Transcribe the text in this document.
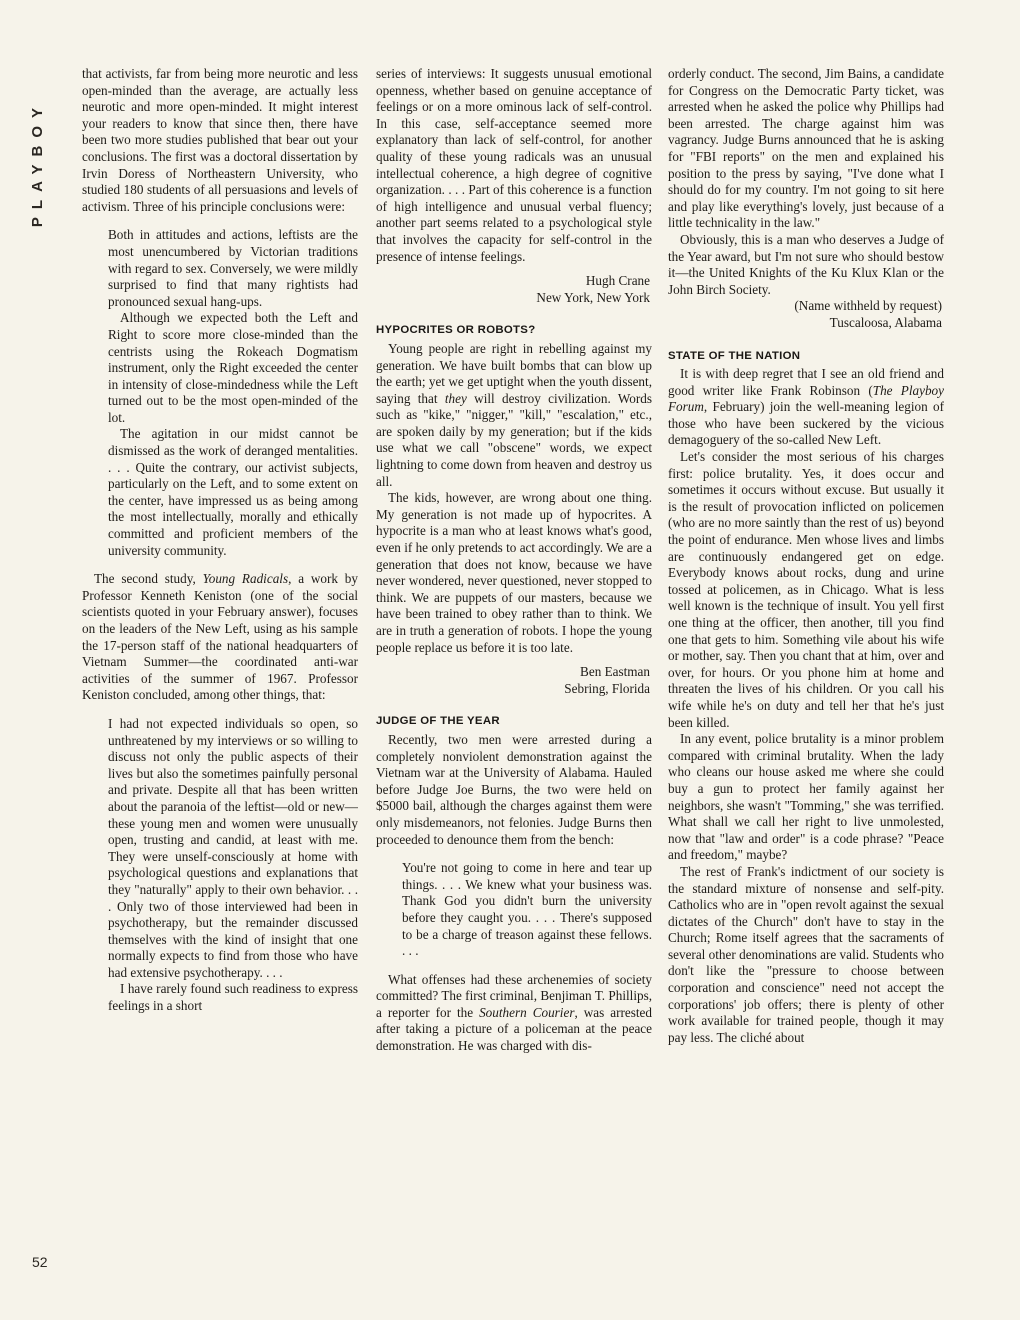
PLAYBOY
52

that activists, far from being more neurotic and less open-minded than the average, are actually less neurotic and more open-minded. It might interest your readers to know that since then, there have been two more studies published that bear out your conclusions. The first was a doctoral dissertation by Irvin Doress of Northeastern University, who studied 180 students of all persuasions and levels of activism. Three of his principle conclusions were:

Both in attitudes and actions, leftists are the most unencumbered by Victorian traditions with regard to sex. Conversely, we were mildly surprised to find that many rightists had pronounced sexual hang-ups.

Although we expected both the Left and Right to score more close-minded than the centrists using the Rokeach Dogmatism instrument, only the Right exceeded the center in intensity of close-mindedness while the Left turned out to be the most open-minded of the lot.

The agitation in our midst cannot be dismissed as the work of deranged mentalities. . . . Quite the contrary, our activist subjects, particularly on the Left, and to some extent on the center, have impressed us as being among the most intellectually, morally and ethically committed and proficient members of the university community.

The second study, Young Radicals, a work by Professor Kenneth Keniston (one of the social scientists quoted in your February answer), focuses on the leaders of the New Left, using as his sample the 17-person staff of the national headquarters of Vietnam Summer—the coordinated anti-war activities of the summer of 1967. Professor Keniston concluded, among other things, that:

I had not expected individuals so open, so unthreatened by my interviews or so willing to discuss not only the public aspects of their lives but also the sometimes painfully personal and private. Despite all that has been written about the paranoia of the leftist—old or new—these young men and women were unusually open, trusting and candid, at least with me. They were unself-consciously at home with psychological questions and explanations that they "naturally" apply to their own behavior. . . . Only two of those interviewed had been in psychotherapy, but the remainder discussed themselves with the kind of insight that one normally expects to find from those who have had extensive psychotherapy. . . .

I have rarely found such readiness to express feelings in a short

series of interviews: It suggests unusual emotional openness, whether based on genuine acceptance of feelings or on a more ominous lack of self-control. In this case, self-acceptance seemed more explanatory than lack of self-control, for another quality of these young radicals was an unusual intellectual coherence, a high degree of cognitive organization. . . . Part of this coherence is a function of high intelligence and unusual verbal fluency; another part seems related to a psychological style that involves the capacity for self-control in the presence of intense feelings.

Hugh Crane

New York, New York

HYPOCRITES OR ROBOTS?

Young people are right in rebelling against my generation. We have built bombs that can blow up the earth; yet we get uptight when the youth dissent, saying that they will destroy civilization. Words such as "kike," "nigger," "kill," "escalation," etc., are spoken daily by my generation; but if the kids use what we call "obscene" words, we expect lightning to come down from heaven and destroy us all.

The kids, however, are wrong about one thing. My generation is not made up of hypocrites. A hypocrite is a man who at least knows what's good, even if he only pretends to act accordingly. We are a generation that does not know, because we have never wondered, never questioned, never stopped to think. We are puppets of our masters, because we have been trained to obey rather than to think. We are in truth a generation of robots. I hope the young people replace us before it is too late.

Ben Eastman

Sebring, Florida

JUDGE OF THE YEAR

Recently, two men were arrested during a completely nonviolent demonstration against the Vietnam war at the University of Alabama. Hauled before Judge Joe Burns, the two were held on $5000 bail, although the charges against them were only misdemeanors, not felonies. Judge Burns then proceeded to denounce them from the bench:

You're not going to come in here and tear up things. . . . We knew what your business was. Thank God you didn't burn the university before they caught you. . . . There's supposed to be a charge of treason against these fellows. . . .

What offenses had these archenemies of society committed? The first criminal, Benjiman T. Phillips, a reporter for the Southern Courier, was arrested after taking a picture of a policeman at the peace demonstration. He was charged with dis-

orderly conduct. The second, Jim Bains, a candidate for Congress on the Democratic Party ticket, was arrested when he asked the police why Phillips had been arrested. The charge against him was vagrancy. Judge Burns announced that he is asking for "FBI reports" on the men and explained his position to the press by saying, "I've done what I should do for my country. I'm not going to sit here and play like everything's lovely, just because of a little technicality in the law."

Obviously, this is a man who deserves a Judge of the Year award, but I'm not sure who should bestow it—the United Knights of the Ku Klux Klan or the John Birch Society.

(Name withheld by request)

Tuscaloosa, Alabama

STATE OF THE NATION

It is with deep regret that I see an old friend and good writer like Frank Robinson (The Playboy Forum, February) join the well-meaning legion of those who have been suckered by the vicious demagoguery of the so-called New Left.

Let's consider the most serious of his charges first: police brutality. Yes, it does occur and sometimes it occurs without excuse. But usually it is the result of provocation inflicted on policemen (who are no more saintly than the rest of us) beyond the point of endurance. Men whose lives and limbs are continuously endangered get on edge. Everybody knows about rocks, dung and urine tossed at policemen, as in Chicago. What is less well known is the technique of insult. You yell first one thing at the officer, then another, till you find one that gets to him. Something vile about his wife or mother, say. Then you chant that at him, over and over, for hours. Or you phone him at home and threaten the lives of his children. Or you call his wife while he's on duty and tell her that he's just been killed.

In any event, police brutality is a minor problem compared with criminal brutality. When the lady who cleans our house asked me where she could buy a gun to protect her family against her neighbors, she wasn't "Tomming," she was terrified. What shall we call her right to live unmolested, now that "law and order" is a code phrase? "Peace and freedom," maybe?

The rest of Frank's indictment of our society is the standard mixture of nonsense and self-pity. Catholics who are in "open revolt against the sexual dictates of the Church" don't have to stay in the Church; Rome itself agrees that the sacraments of several other denominations are valid. Students who don't like the "pressure to choose between corporation and conscience" need not accept the corporations' job offers; there is plenty of other work available for trained people, though it may pay less. The cliché about
